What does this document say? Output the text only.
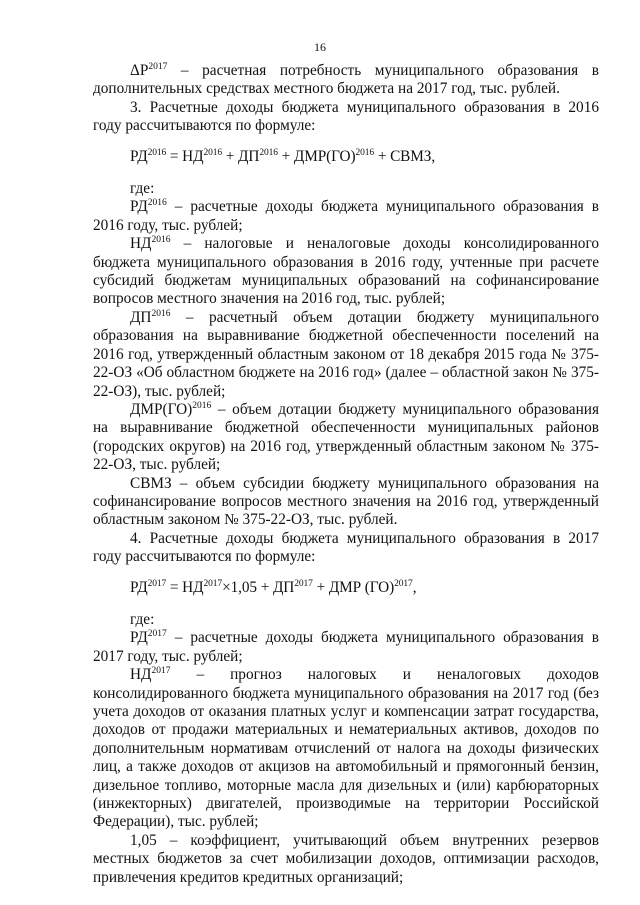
16

$\Delta Р^{2017}$ – расчетная потребность муниципального образования в дополнительных средствах местного бюджета на 2017 год, тыс. рублей.

3. Расчетные доходы бюджета муниципального образования в 2016 году рассчитываются по формуле:

$РД^{2016} = НД^{2016} + ДП^{2016} + ДМР(ГО)^{2016}$ + СВМЗ,

где:

$РД^{2016}$ – расчетные доходы бюджета муниципального образования в 2016 году, тыс. рублей;

$НД^{2016}$ – налоговые и неналоговые доходы консолидированного бюджета муниципального образования в 2016 году, учтенные при расчете субсидий бюджетам муниципальных образований на софинансирование вопросов местного значения на 2016 год, тыс. рублей;

$ДП^{2016}$ – расчетный объем дотации бюджету муниципального образования на выравнивание бюджетной обеспеченности поселений на 2016 год, утвержденный областным законом от 18 декабря 2015 года № 375-22-ОЗ «Об областном бюджете на 2016 год» (далее – областной закон № 375-22-ОЗ), тыс. рублей;

ДМР(ГО)$^{2016}$ – объем дотации бюджету муниципального образования на выравнивание бюджетной обеспеченности муниципальных районов (городских округов) на 2016 год, утвержденный областным законом № 375-22-ОЗ, тыс. рублей;

СВМЗ – объем субсидии бюджету муниципального образования на софинансирование вопросов местного значения на 2016 год, утвержденный областным законом № 375-22-ОЗ, тыс. рублей.

4. Расчетные доходы бюджета муниципального образования в 2017 году рассчитываются по формуле:

$РД^{2017} = НД^{2017}\times 1,05 + ДП^{2017}$ + ДМР (ГО)$^{2017}$,

где:

$РД^{2017}$ – расчетные доходы бюджета муниципального образования в 2017 году, тыс. рублей;

$НД^{2017}$ – прогноз налоговых и неналоговых доходов консолидированного бюджета муниципального образования на 2017 год (без учета доходов от оказания платных услуг и компенсации затрат государства, доходов от продажи материальных и нематериальных активов, доходов по дополнительным нормативам отчислений от налога на доходы физических лиц, а также доходов от акцизов на автомобильный и прямогонный бензин, дизельное топливо, моторные масла для дизельных и (или) карбюраторных (инжекторных) двигателей, производимые на территории Российской Федерации), тыс. рублей;

1,05 – коэффициент, учитывающий объем внутренних резервов местных бюджетов за счет мобилизации доходов, оптимизации расходов, привлечения кредитов кредитных организаций;
